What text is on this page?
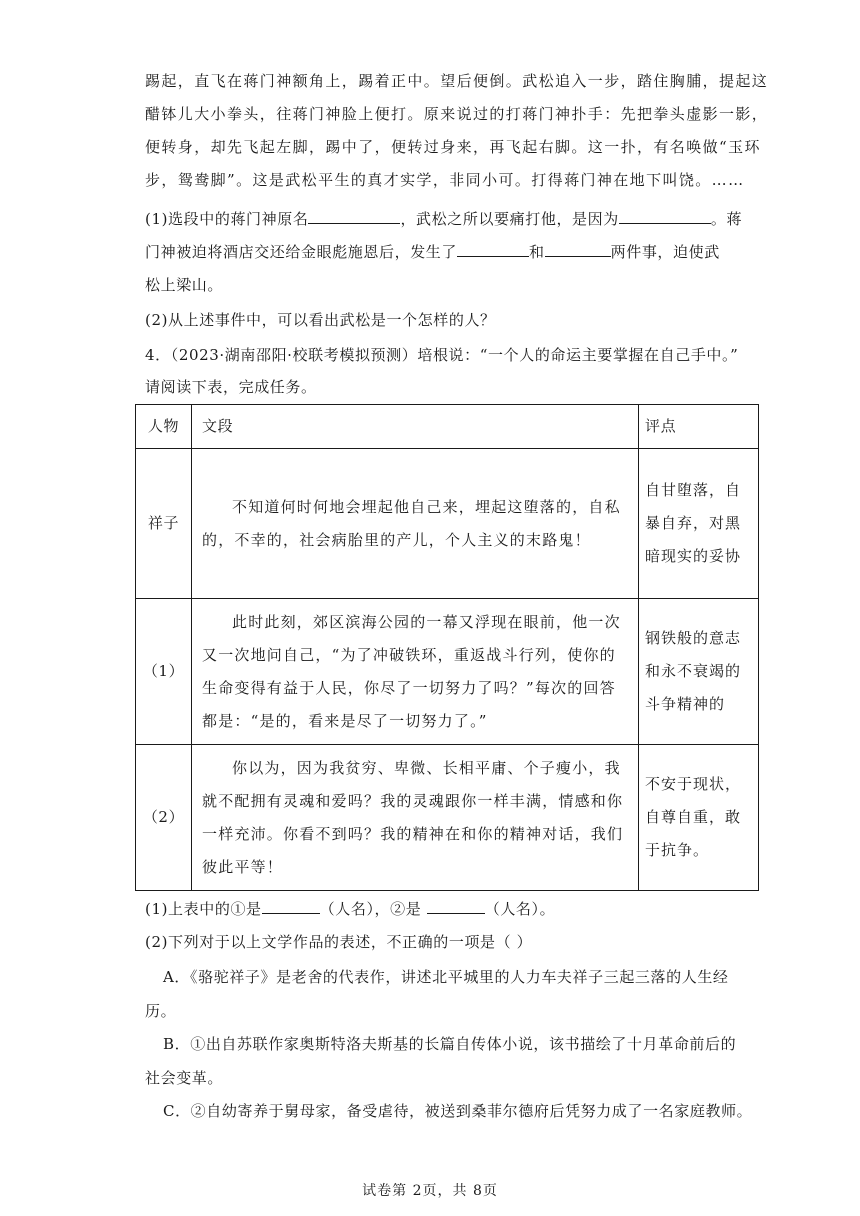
踢起，直飞在蒋门神额角上，踢着正中。望后便倒。武松追入一步，踏住胸脯，提起这
醋钵儿大小拳头，往蒋门神脸上便打。原来说过的打蒋门神扑手：先把拳头虚影一影，
便转身，却先飞起左脚，踢中了，便转过身来，再飞起右脚。这一扑，有名唤做“玉环
步，鸳鸯脚”。这是武松平生的真才实学，非同小可。打得蒋门神在地下叫饶。……
(1)选段中的蒋门神原名	，武松之所以要痛打他，是因为	。蒋
门神被迫将酒店交还给金眼彪施恩后，发生了	和	两件事，迫使武
松上梁山。
(2)从上述事件中，可以看出武松是一个怎样的人？
4．（2023·湖南邵阳·校联考模拟预测）培根说：“一个人的命运主要掌握在自己手中。”
请阅读下表，完成任务。
人物	文段	评点
祥子	不知道何时何地会埋起他自己来，埋起这堕落的，自私的，不幸的，社会病胎里的产儿，个人主义的末路鬼！	自甘堕落，自暴自弃，对黑暗现实的妥协

（1）	此时此刻，郊区滨海公园的一幕又浮现在眼前，他一次又一次地问自己，“为了冲破铁环，重返战斗行列，使你的生命变得有益于人民，你尽了一切努力了吗？”每次的回答都是：“是的，看来是尽了一切努力了。”	钢铁般的意志和永不衰竭的斗争精神的

（2）	你以为，因为我贫穷、卑微、长相平庸、个子瘦小，我就不配拥有灵魂和爱吗？我的灵魂跟你一样丰满，情感和你一样充沛。你看不到吗？我的精神在和你的精神对话，我们彼此平等！	不安于现状，自尊自重，敢于抗争。
(1)上表中的①是	（人名），②是	（人名）。
(2)下列对于以上文学作品的表述，不正确的一项是（ ）
A．《骆驼祥子》是老舍的代表作，讲述北平城里的人力车夫祥子三起三落的人生经
历。
B．①出自苏联作家奥斯特洛夫斯基的长篇自传体小说，该书描绘了十月革命前后的
社会变革。
C．②自幼寄养于舅母家，备受虐待，被送到桑菲尔德府后凭努力成了一名家庭教师。
试卷第 2页，共 8页
